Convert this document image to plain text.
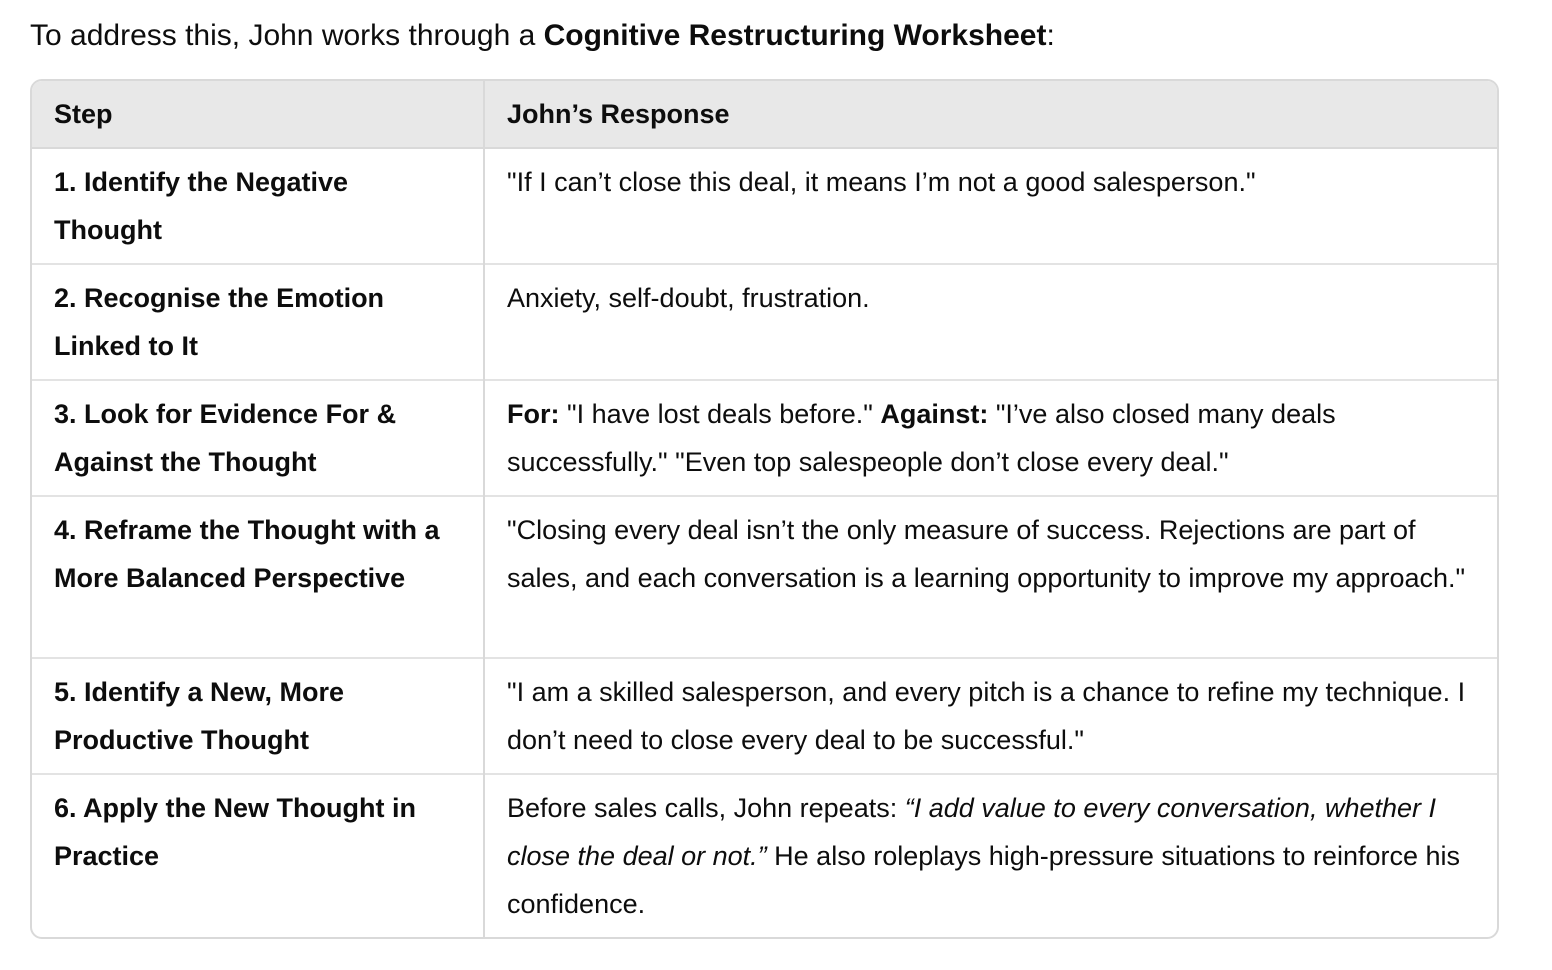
To address this, John works through a Cognitive Restructuring Worksheet:
Step	John’s Response
1. Identify the Negative Thought	"If I can’t close this deal, it means I’m not a good salesperson."
2. Recognise the Emotion Linked to It	Anxiety, self-doubt, frustration.
3. Look for Evidence For & Against the Thought	For: "I have lost deals before." Against: "I’ve also closed many deals successfully." "Even top salespeople don’t close every deal."
4. Reframe the Thought with a More Balanced Perspective	"Closing every deal isn’t the only measure of success. Rejections are part of sales, and each conversation is a learning opportunity to improve my approach."
5. Identify a New, More Productive Thought	"I am a skilled salesperson, and every pitch is a chance to refine my technique. I don’t need to close every deal to be successful."
6. Apply the New Thought in Practice	Before sales calls, John repeats: “I add value to every conversation, whether I close the deal or not.” He also roleplays high-pressure situations to reinforce his confidence.
